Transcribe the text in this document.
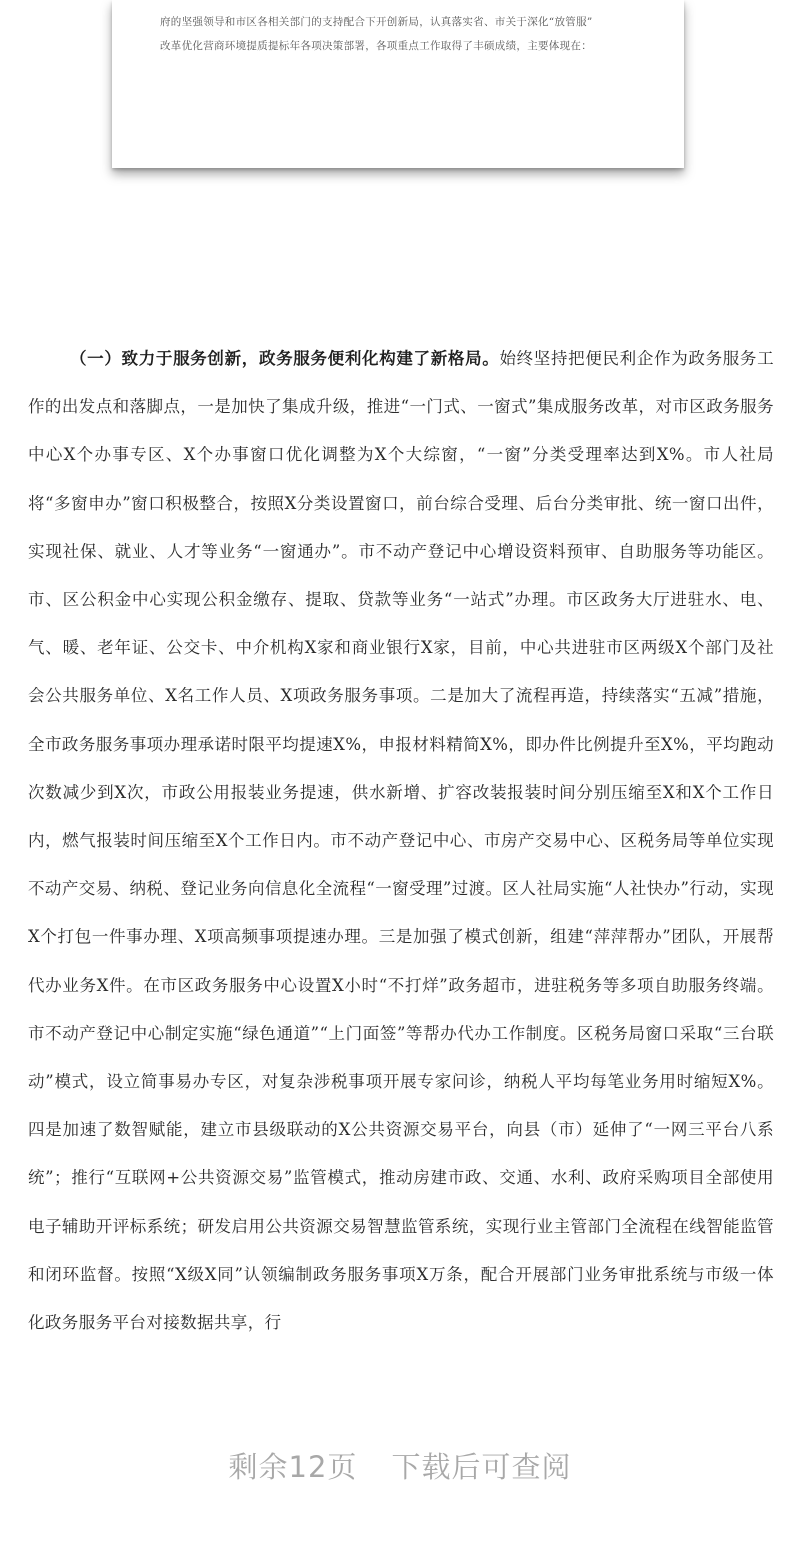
府的坚强领导和市区各相关部门的支持配合下开创新局，认真落实省、市关于深化“放管服”

改革优化营商环境提质提标年各项决策部署，各项重点工作取得了丰硕成绩，主要体现在：

（一）致力于服务创新，政务服务便利化构建了新格局。始终坚持把便民利企作为政务服务工作的出发点和落脚点，一是加快了集成升级，推进“一门式、一窗式”集成服务改革，对市区政务服务中心X个办事专区、X个办事窗口优化调整为X个大综窗，“一窗”分类受理率达到X%。市人社局将“多窗申办”窗口积极整合，按照X分类设置窗口，前台综合受理、后台分类审批、统一窗口出件，实现社保、就业、人才等业务“一窗通办”。市不动产登记中心增设资料预审、自助服务等功能区。市、区公积金中心实现公积金缴存、提取、贷款等业务“一站式”办理。市区政务大厅进驻水、电、气、暖、老年证、公交卡、中介机构X家和商业银行X家，目前，中心共进驻市区两级X个部门及社会公共服务单位、X名工作人员、X项政务服务事项。二是加大了流程再造，持续落实“五减”措施，全市政务服务事项办理承诺时限平均提速X%，申报材料精简X%，即办件比例提升至X%，平均跑动次数减少到X次，市政公用报装业务提速，供水新增、扩容改装报装时间分别压缩至X和X个工作日内，燃气报装时间压缩至X个工作日内。市不动产登记中心、市房产交易中心、区税务局等单位实现不动产交易、纳税、登记业务向信息化全流程“一窗受理”过渡。区人社局实施“人社快办”行动，实现X个打包一件事办理、X项高频事项提速办理。三是加强了模式创新，组建“萍萍帮办”团队，开展帮代办业务X件。在市区政务服务中心设置X小时“不打烊”政务超市，进驻税务等多项自助服务终端。市不动产登记中心制定实施“绿色通道”“上门面签”等帮办代办工作制度。区税务局窗口采取“三台联动”模式，设立简事易办专区，对复杂涉税事项开展专家问诊，纳税人平均每笔业务用时缩短X%。四是加速了数智赋能，建立市县级联动的X公共资源交易平台，向县（市）延伸了“一网三平台八系统”；推行“互联网+公共资源交易”监管模式，推动房建市政、交通、水利、政府采购项目全部使用电子辅助开评标系统；研发启用公共资源交易智慧监管系统，实现行业主管部门全流程在线智能监管和闭环监督。按照“X级X同”认领编制政务服务事项X万条，配合开展部门业务审批系统与市级一体化政务服务平台对接数据共享，行

剩余12页 下载后可查阅
